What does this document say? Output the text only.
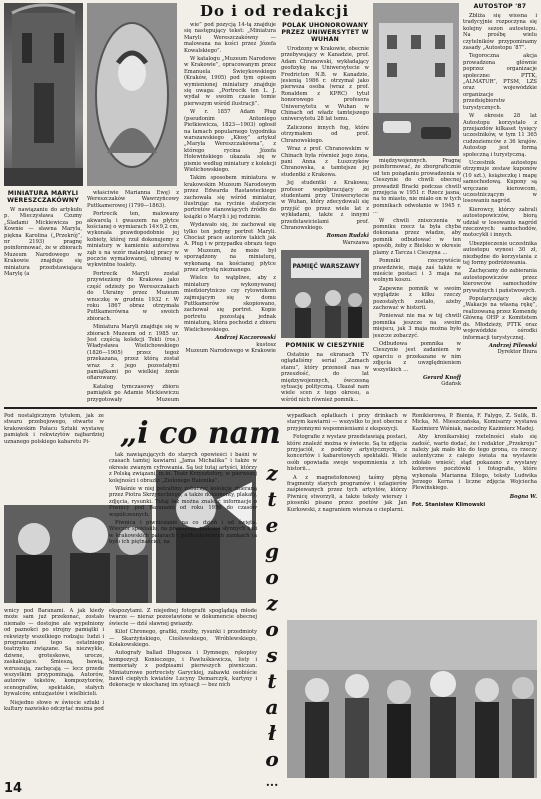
MINIATURA MARYLI WERESZCZAKÓWNY

W nawiązaniu do artykułu p. Mieczysława Czumy „Śladami Mickiewicza po Kownie — sławna Maryla, piękna Karolina („Przekrój”, nr 2193) pragnę poinformować, że w zbiorach Muzeum Narodowego w Krakowie znajduje się miniatura przedstawiająca Marylę (a

właściwie Marianna Ewę) z Wereszczaków Wawrzyńcowy Puttkamerowej (1799—1863).

Portrecik ten, malowany akwarelą i gwaszem na płytce kościanej o wymiarach 14×9,2 cm, wykonała prawdopodobnie jej kobiety, której rzuł dokonujemy z miniatury w kamieniu autorstwa ząb u na wzór malarskiej pracy w poczcie wymalowanej, ubranej w wykwintne toalety.

Portrecik Maryli został przywieziony do Krakowa jako część odzieży po Wereszczakach do Ukrainy przez Muzeum wnuczkę w grudniu 1932 r. W roku 1867 obraz otrzymała Puttkamerówna w swoich zbiorach.

Miniatura Maryli znajduje się w zbiorach Muzeum od r. 1985 ur. Jest częścią kolekcji Tekli (ros.) Władysława Wielichowskiego (1826—1905) przez tegoż przekazana, przez którą został wraz z jego pozostałymi pamiątkami po wielkiej żonie ofiarowany.

Katalog tymczasowy zbioru pamiątek po Adamie Mickiewiczu przygotowały Muzeum

wie” pod pozycją 14-tą znajduje się następujący tekst: „Miniatura Maryli Wereszczakówny — malowana na kości przez Józefa Kowalskiego”.

W katalogu „Muzeum Narodowe w Krakowie”, opracowanym przez Emanuela Świeykowskiego (Kraków, 1905) pod tym opisem wymienionej miniatury znajduje się uwaga: „Portrecik ten L. J. wydał w swoim czasie tomie pierwszym wśród ilustracji”.

W r. 1857 Adam Pług (pseudonim Antoniego Pietkiewicza, 1823—1903) ogłosił na łamach popularnego tygodnika warszawskiego „Kłosy” artykuł „Maryla Wereszczakówna”, z którego rycina Józefa Holewińskiego ukazała się w pismie według miniatury z kolekcji Wielichowskiego.

Takim sposobem miniatura w krakowskim Muzeum Narodowym przez Edwarda Rastawieckiego zachowała się wśród miniatur, ilustrując na rycinie stalorycie portretów stanowiących źródło do książki o Maryli i jej rodzinie.

Wydawało się, że zachował się tylko ten jedyny portret Maryli. Chociaż prace autorów takich jak A. Pług i w przypadku obrazu tego w Muzeum, że może był sporządzony na miniaturę, wykonaną na kościanej płytce przez artystę nieznanego.

Wielce to wątpliwe, aby z miniatury wykonywanej miedziorytniczo czy rytownikom zajmującym się w domu Puttkamerów skopiowano, zachował się portret. Kopie portretu pozostają jednak miniaturą, która pochodzi z zbioru Wielichowskiego.

Andrzej Kaczorowski
kustosz
Muzeum Narodowego w Krakowie
Do i od redakcji
POLAK UHONOROWANY PRZEZ UNIWERSYTET W WUHAN

Urodzony w Krakowie, obecnie przebywający w Kanadzie, prof. Adam Chranowski, wykładający geofizykę na Uniwersytecie w Fredricton N.B. w Kanadzie, jesienią 1986 r. otrzymał jako pierwsza osoba (wraz z prof. Ronaldem z KPRC) tytuł honorowego profesora Uniwersytetu w Wuhan w Chinach od władz tamtejszego uniwersytetu 28 lat temu.

Zaliczono innych fog, które otrzymałem od prof. Chranowskiego.

Wraz z prof. Chranowskim w Chinach była również jego żona, pani Anna z Łuszczyków Chranowska, a tamtejsze jej studentki z Krakowa.

Jej studentki z Krakowa; profesor współpracujący ze studentami przy Uniwersytecie w Wuhan, który zdecydowali się przyjść go przez wiele lat z wykładami, także z innymi przedstawicielami prof. Chranowskiego.

Roman Rudzki
Warszawa

międzywojennych. Pragnę poinformować, że zborgraficznie od ten pożądaniu prowadzenia w Cieszynie do chwili obecnej prowadził Bracki podczas chwili przejęcia w 1951 r. Rzecz jasna, na to miasto, nie miało on w tych pomnikach odwołanie w 1945 r. ...

W chwili zniszczenia w pomniku rzecz ta była chyba dokonana przez władze, aby pomnik odbudować w ten sposób, żeby z Bielsko w okresie plamy z Tarcza i Cieszyna ...

Pomniki rzeczywiście prawdziwie, mają zaś także w mieście postaci i 3 maja na wolnym koszu.

Zapewne pomnik w swoim wyglądzie z kilku rzeczy pozostałych zostało, ażeby zachować w historii.

Ponieważ nie ma w tej chwili pomnika jeszcze na swoim miejscu, jak 3 maja można było jeszcze zobaczyć.

Odbudowa pomnika w Cieszynie jest zadaniem w oparciu o przekazane w nim zdjęcia z uwzględnieniem wszystkich ...

Gerard Knoff
Gdańsk
PAMIĘĆ WARSZAWY
POMNIK W CIESZYNIE

Ostatnio na ekranach TV oglądaliśmy serial „Zamach stanu”, który przenosił nas w przeszłość, do lat międzywojennych, ówczesną sytuację polityczną. Ukazał nam wiele scen z tego okresu, a wśród nich również pomnik...

AUTOSTOP '87

Zbliża się wiosna i tradycyjnie rozpoczyna się kolejny sezon autostopu. Na prośbę wielu czytelników przypominamy zasady „Autostopu ’87”.

Tegoroczna akcja prowadzona głównie poprzez organizacje społeczne: PTTK, „ALMATUR”, PTSM, LZS oraz wojewódzkie organizacje przedsiębiorstw turystycznych.

W okresie 28 lat Autostopu korzystało z przejazdów kilkaset tysięcy uczestników, w tym 11 365 cudzoziemców z 36 krajów. Autostop jest formą społeczną i turystyczną.

Uczestnik autostopu otrzymuje zestaw kuponów (10 szt.), książeczkę i mapę samochodową. Kupony są wręczane kierowcom, uczestniczącym w losowaniu nagród.

Kierowcy, którzy zabrali autostopowiczów, biorą udział w losowaniu nagród rzeczowych: samochodów, motocykli i innych.

Ubezpieczenie uczestnika autostopu wynosi 30 zł, niezbędne do korzystania z tej formy podróżowania.

Zachęcamy do zabierania autostopowiczów przez kierowców samochodów prywatnych i państwowych.

Popularyzujący akcję „Wakacje na własną rękę”, realizowaną przez Komendę Główną OHP z Komitetem ds. Młodzieży, PTTK oraz wojewódzkie ośrodki informacji turystycznej.

Andrzej Pilewski
Dyrektor Biura

Pod nostalgicznym tytułem, jak ze stwaru przebojowego, otwarte w krakowskim Pałacu Sztuki wystawę pamiątek i rekwizytów najbardziej uznanego polskiego kabaretu Pi-	„i co nam
z t e g o z o s t a ł o
...

wnicy pod Baranami. A jak kiedy może sam już przekonać, zostało niemało — dostojne ale wypełniony od paznokci po strojny pamiątki i rekwizyty wszelkiego rodzaju: ludzi i programami tego ostatniego teatrzyku związane. Są niezwykle, dziwne, groteskowe, urocze, zaskakujące. Śmieszą, bawią, wzruszają, zachęcają — lecz przede wszystkim przypominają. Autorów, autorów tekstów, kompozytorów, scenografów, spektakle, stałych bywalców, entuzjastów i wielbicieli.

Niejedno słowo w świecie sztuki i kultury nazwisko odczytać można pod

tak nawiązujących do starych opowieści i baśni w czasach tamtej kawiarni „Jama Michalika” i także w okresie zwanym cyfrowania. Są też tutaj artyści, którzy z Polską związani, m.in. Teatr Krzysztofory, w pierwszej kolejności i obrazki „Zielonego Balonika”.

Właśnie w niej potrafimy zobaczyć kolekcję zbieraną przez Piotra Skrzyneckiego, a także dokumenty, plakaty, zdjęcia, rysunki. Tutaj też można znaleźć informacje o Piwnicy pod Baranami od roku 1956 do czasów współczesnych.

Piwnica i piwniczanie na co dzień i od święta. Wieczór spektaklu, na premierze, podczas słynnych bali w krakowskich pałacach i podkrakowskich zamkach (a było ich piętnaście), na

ekspozytami. Z niejednej fotografii spoglądają młode twarze — nieraz pozostawione w dokumencie obecnej świecie — dziś sławnej gwiazdy.

Kilof Chronego, grafiki, rzeźby, rysunki i przedmioty — Skarżyńskiego, Cieślewskiego, Wróblewskiego, Kołakowskiego.

Autografy ballad Długosza i Dymnego, rękopisy kompozycji Konieczego, i Pawluśkiewicza, listy i memoriały z podpisami pierwszych piwniczan. Miniaturowe portrecisty Garyckiej, zabawki osobiście bawił ciepłych kwiatów Lucyny Demarczyk, kurtyny i dekoracje w ukochanej im sytuacji — bez nich

wypadkach opłatkach i przy drinkach w starym kawiarni — wszystko to jest obecne z przyjemnymi wspomnieniami z ekspozycji.

Fotografie z wystaw przedstawiają postaci, które znaleźć można w świecie. Są tu zdjęcia przyjaciół, z podróży artystycznych, z koncertów i kabaretowych spektakli. Wiele osób opowiada swoje wspomnienia z ich historii...

A z magnetofonowej taśmy płyną fragmenty starych programów i szlagierów zaśpiewanych przez tych artystów, którzy Piwnicę stworzyli, a także teksty wierszy i piosenki pisane przez poetów jak Jan Kurkowski, z nagraniem wiersza o cieplarni.

Ronikierowa, P. Bienia, F. Falygo, Z. Sulik, B. Micka, M. Mieszczańska, Komisarzy wystawa Kazimierz Wiśniak, naczelny Kazimierz Madej.

Aby kronikarskiej rzetelności stało się zadość, warto dodać, że i redaktor „Przekroju” należy jak mało kto do tego grona, co rzeczy autentyczne z całego świata na wystawie zdołało wnieść; stąd pokazano z wystawy kolorowe pocztówki i fotografie, które wykonała Marianna Eilego, teksty Ludwika Jerzego Kerna i liczne zdjęcia Wojciecha Plewińskiego.

Bogna W.
Fot. Stanisław Klimowski
14
